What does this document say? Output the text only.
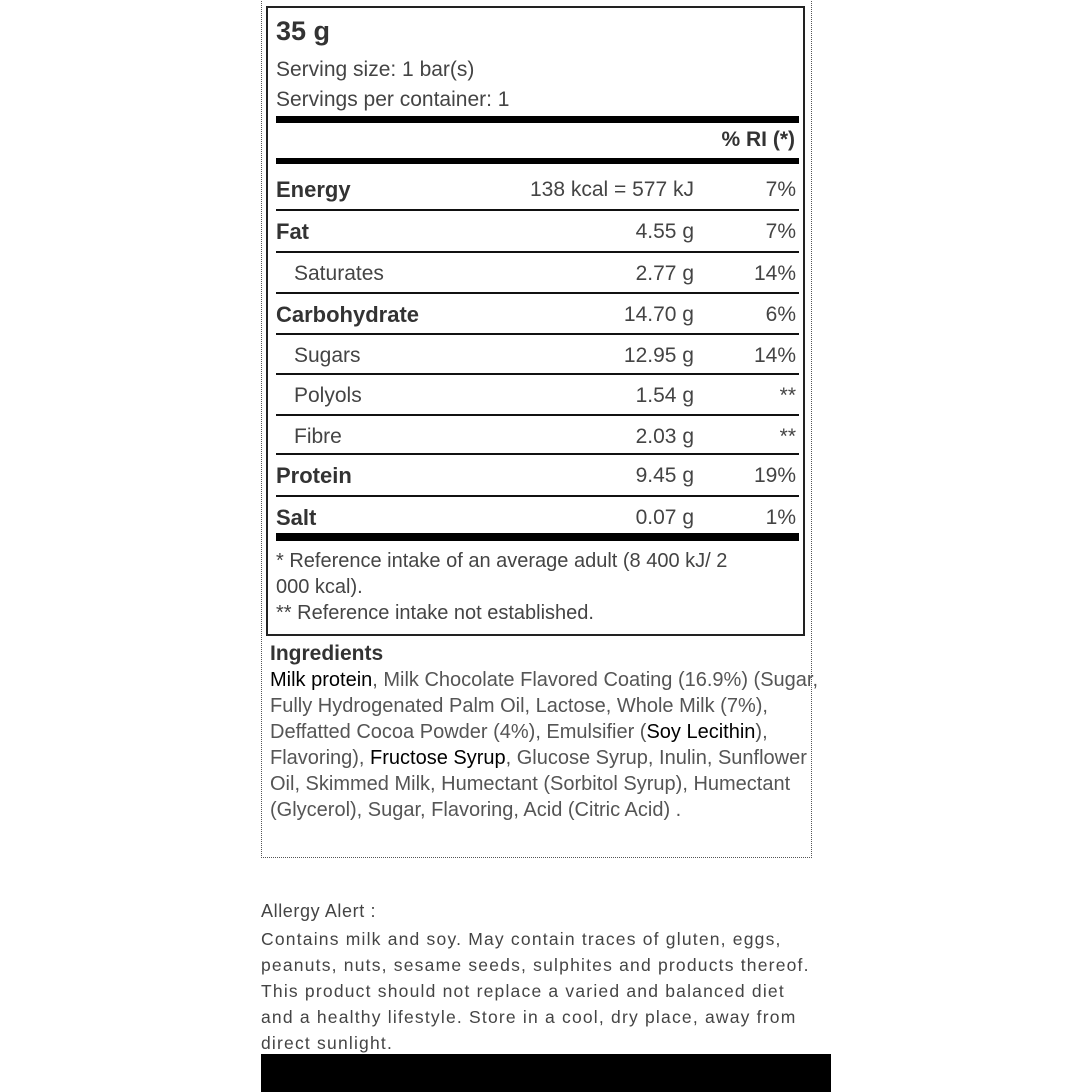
35 g
Serving size: 1 bar(s)
Servings per container: 1
% RI (*)
Energy	138 kcal = 577 kJ	7%
Fat	4.55 g	7%
Saturates	2.77 g	14%
Carbohydrate	14.70 g	6%
Sugars	12.95 g	14%
Polyols	1.54 g	**
Fibre	2.03 g	**
Protein	9.45 g	19%
Salt	0.07 g	1%
* Reference intake of an average adult (8 400 kJ/ 2
000 kcal).
** Reference intake not established.
Ingredients
Milk protein, Milk Chocolate Flavored Coating (16.9%) (Sugar, Fully Hydrogenated Palm Oil, Lactose, Whole Milk (7%), Deffatted Cocoa Powder (4%), Emulsifier (Soy Lecithin), Flavoring), Fructose Syrup, Glucose Syrup, Inulin, Sunflower Oil, Skimmed Milk, Humectant (Sorbitol Syrup), Humectant (Glycerol), Sugar, Flavoring, Acid (Citric Acid) .
Allergy Alert :
Contains milk and soy. May contain traces of gluten, eggs, peanuts, nuts, sesame seeds, sulphites and products thereof. This product should not replace a varied and balanced diet and a healthy lifestyle. Store in a cool, dry place, away from direct sunlight.
